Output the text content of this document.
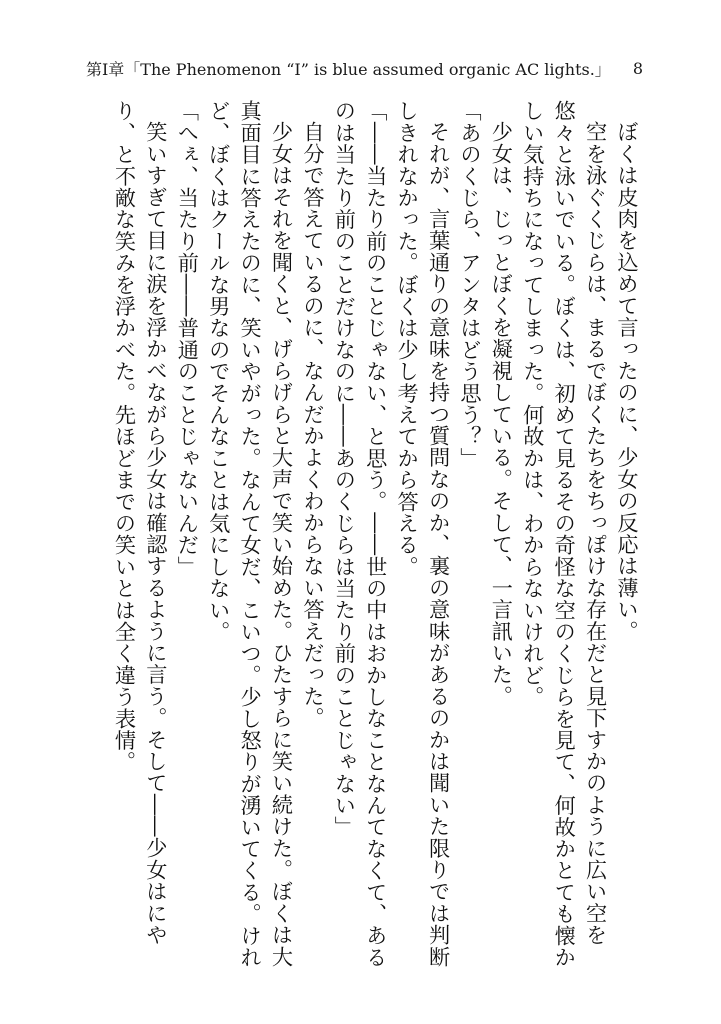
第Ⅰ章「The Phenomenon “I” is blue assumed organic AC lights.」 8

ぼくは皮肉を込めて言ったのに、少女の反応は薄い。

空を泳ぐくじらは、まるでぼくたちをちっぽけな存在だと見下すかのように広い空を悠々と泳いでいる。ぼくは、初めて見るその奇怪な空のくじらを見て、何故かとても懐かしい気持ちになってしまった。何故かは、わからないけれど。

少女は、じっとぼくを凝視している。そして、一言訊いた。

「あのくじら、アンタはどう思う？」

それが、言葉通りの意味を持つ質問なのか、裏の意味があるのかは聞いた限りでは判断しきれなかった。ぼくは少し考えてから答える。

「――当たり前のことじゃない、と思う。――世の中はおかしなことなんてなくて、あるのは当たり前のことだけなのに――あのくじらは当たり前のことじゃない」

自分で答えているのに、なんだかよくわからない答えだった。

少女はそれを聞くと、げらげらと大声で笑い始めた。ひたすらに笑い続けた。ぼくは大真面目に答えたのに、笑いやがった。なんて女だ、こいつ。少し怒りが湧いてくる。けれど、ぼくはクールな男なのでそんなことは気にしない。

「へぇ、当たり前――普通のことじゃないんだ」

笑いすぎて目に涙を浮かべながら少女は確認するように言う。そして――少女はにやり、と不敵な笑みを浮かべた。先ほどまでの笑いとは全く違う表情。
